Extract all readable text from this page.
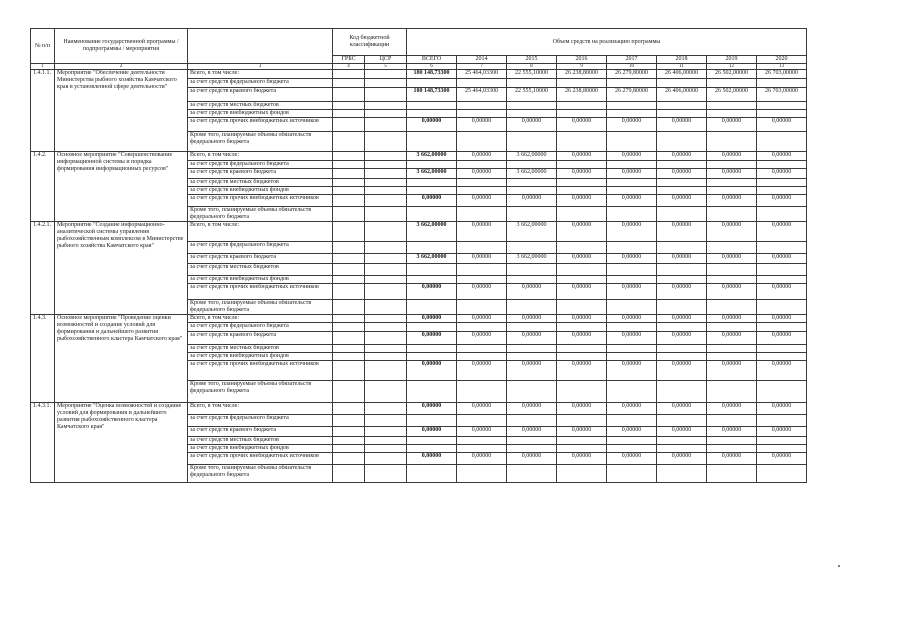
№ п/п	Наименование государственной программы / подпрограммы / мероприятия		Код бюджетной классификации		Объем средств на реализацию программы							
			ГРБС	ЦСР	ВСЕГО	2014	2015	2016	2017	2018	2019	2020
1	2	3	4	5	6	7	8	9	10	11	12	13
1.4.1.1.	Мероприятие "Обеспечение деятельности Министерства рыбного хозяйства Камчатского края в установленной сфере деятельности"	Всего, в том числе:			180 148,73300	25 464,03300	22 555,10000	26 238,80000	26 279,80000	26 406,00000	26 502,00000	26 703,00000
		за счет средств федерального бюджета										
		за счет средств краевого бюджета			180 148,73300	25 464,03300	22 555,10000	26 238,80000	26 279,80000	26 406,00000	26 502,00000	26 703,00000
		за счет средств местных бюджетов										
		за счет средств внебюджетных фондов										
		за счет средств прочих внебюджетных источников			0,00000	0,00000	0,00000	0,00000	0,00000	0,00000	0,00000	0,00000
		Кроме того, планируемые объемы обязательств федерального бюджета										
1.4.2.	Основное мероприятие "Совершенствование информационной системы и порядка формирования информационных ресурсов"	Всего, в том числе:			3 662,00000	0,00000	3 662,00000	0,00000	0,00000	0,00000	0,00000	0,00000
		за счет средств федерального бюджета										
		за счет средств краевого бюджета			3 662,00000	0,00000	3 662,00000	0,00000	0,00000	0,00000	0,00000	0,00000
		за счет средств местных бюджетов										
		за счет средств внебюджетных фондов										
		за счет средств прочих внебюджетных источников			0,00000	0,00000	0,00000	0,00000	0,00000	0,00000	0,00000	0,00000
		Кроме того, планируемые объемы обязательств федерального бюджета										
1.4.2.1.	Мероприятие "Создание информационно-аналитической системы управления рыбохозяйственным комплексом в Министерстве рыбного хозяйства Камчатского края"	Всего, в том числе:			3 662,00000	0,00000	3 662,00000	0,00000	0,00000	0,00000	0,00000	0,00000
		за счет средств федерального бюджета										
		за счет средств краевого бюджета			3 662,00000	0,00000	3 662,00000	0,00000	0,00000	0,00000	0,00000	0,00000
		за счет средств местных бюджетов										
		за счет средств внебюджетных фондов										
		за счет средств прочих внебюджетных источников			0,00000	0,00000	0,00000	0,00000	0,00000	0,00000	0,00000	0,00000
		Кроме того, планируемые объемы обязательств федерального бюджета										
1.4.3.	Основное мероприятие "Проведение оценки возможностей и создание условий для формирования и дальнейшего развития рыбохозяйственного кластера Камчатского края"	Всего, в том числе:			0,00000	0,00000	0,00000	0,00000	0,00000	0,00000	0,00000	0,00000
		за счет средств федерального бюджета										
		за счет средств краевого бюджета			0,00000	0,00000	0,00000	0,00000	0,00000	0,00000	0,00000	0,00000
		за счет средств местных бюджетов										
		за счет средств внебюджетных фондов										
		за счет средств прочих внебюджетных источников			0,00000	0,00000	0,00000	0,00000	0,00000	0,00000	0,00000	0,00000
		Кроме того, планируемые объемы обязательств федерального бюджета										
1.4.3.1.	Мероприятие "Оценка возможностей и создание условий для формирования и дальнейшего развития рыбохозяйственного кластера Камчатского края"	Всего, в том числе:			0,00000	0,00000	0,00000	0,00000	0,00000	0,00000	0,00000	0,00000
		за счет средств федерального бюджета										
		за счет средств краевого бюджета			0,00000	0,00000	0,00000	0,00000	0,00000	0,00000	0,00000	0,00000
		за счет средств местных бюджетов										
		за счет средств внебюджетных фондов										
		за счет средств прочих внебюджетных источников			0,00000	0,00000	0,00000	0,00000	0,00000	0,00000	0,00000	0,00000
		Кроме того, планируемые объемы обязательств федерального бюджета										
